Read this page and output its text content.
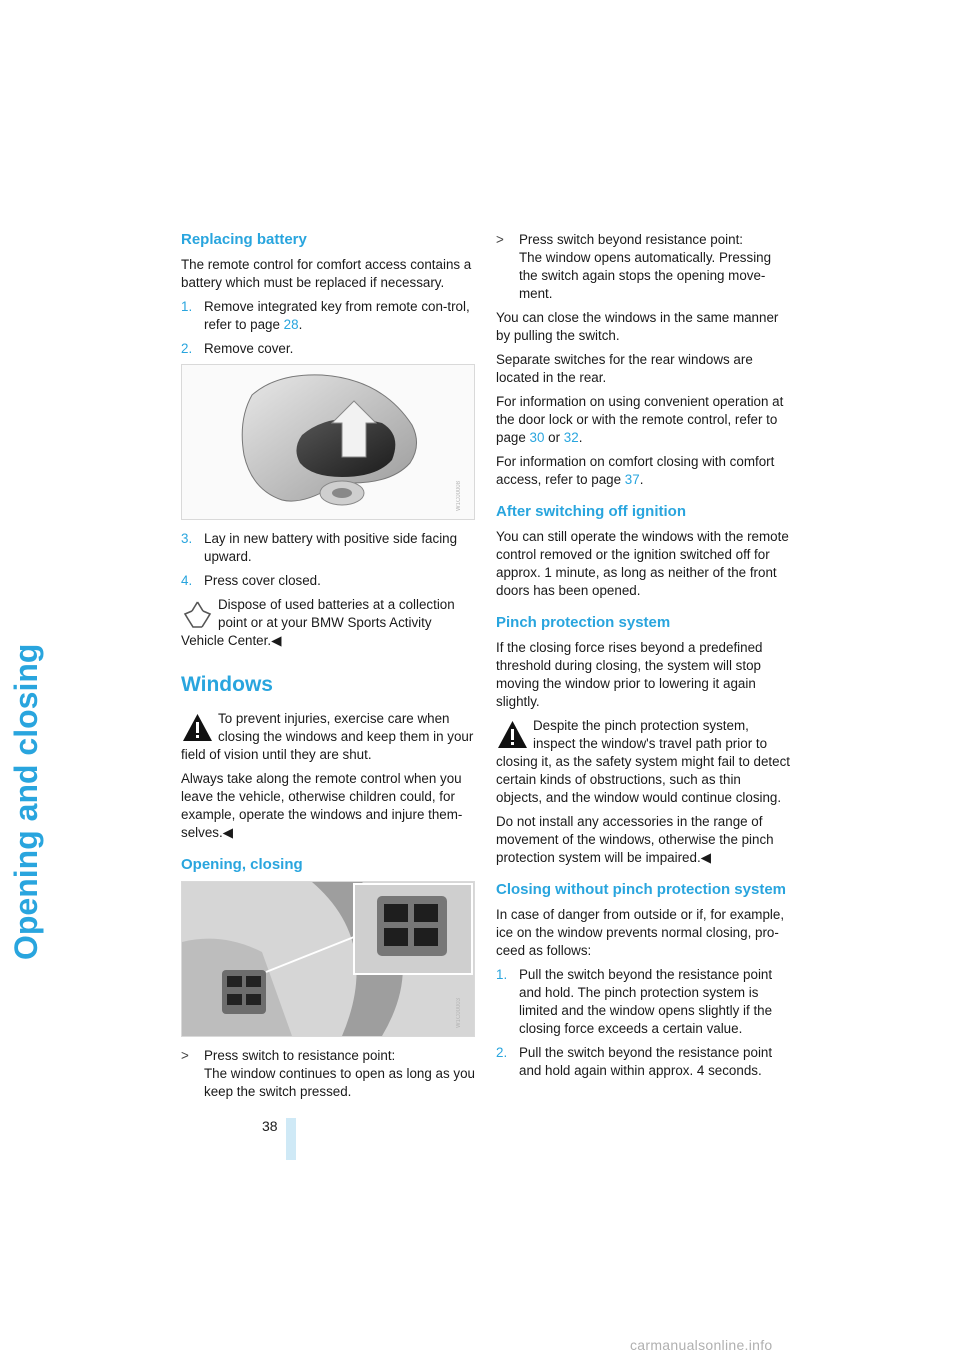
Opening and closing
Replacing battery

The remote control for comfort access contains a battery which must be replaced if necessary.

1. Remove integrated key from remote con-trol, refer to page 28.
2. Remove cover.
W1C00008
3. Lay in new battery with positive side facing upward.
4. Press cover closed.
Dispose of used batteries at a collection point or at your BMW Sports Activity Vehicle Center.◀
Windows
To prevent injuries, exercise care when closing the windows and keep them in your field of vision until they are shut.

Always take along the remote control when you leave the vehicle, otherwise children could, for example, operate the windows and injure them-selves.◀

Opening, closing
W1C00003
> Press switch to resistance point:
The window continues to open as long as you keep the switch pressed.
> Press switch beyond resistance point:
The window opens automatically. Pressing the switch again stops the opening move-ment.

You can close the windows in the same manner by pulling the switch.

Separate switches for the rear windows are located in the rear.

For information on using convenient operation at the door lock or with the remote control, refer to page 30 or 32.

For information on comfort closing with comfort access, refer to page 37.

After switching off ignition

You can still operate the windows with the remote control removed or the ignition switched off for approx. 1 minute, as long as neither of the front doors has been opened.

Pinch protection system

If the closing force rises beyond a predefined threshold during closing, the system will stop moving the window prior to lowering it again slightly.

Despite the pinch protection system, inspect the window's travel path prior to closing it, as the safety system might fail to detect certain kinds of obstructions, such as thin objects, and the window would continue closing.

Do not install any accessories in the range of movement of the windows, otherwise the pinch protection system will be impaired.◀

Closing without pinch protection system

In case of danger from outside or if, for example, ice on the window prevents normal closing, pro-ceed as follows:

1. Pull the switch beyond the resistance point and hold. The pinch protection system is limited and the window opens slightly if the closing force exceeds a certain value.
2. Pull the switch beyond the resistance point and hold again within approx. 4 seconds.
38
carmanualsonline.info
